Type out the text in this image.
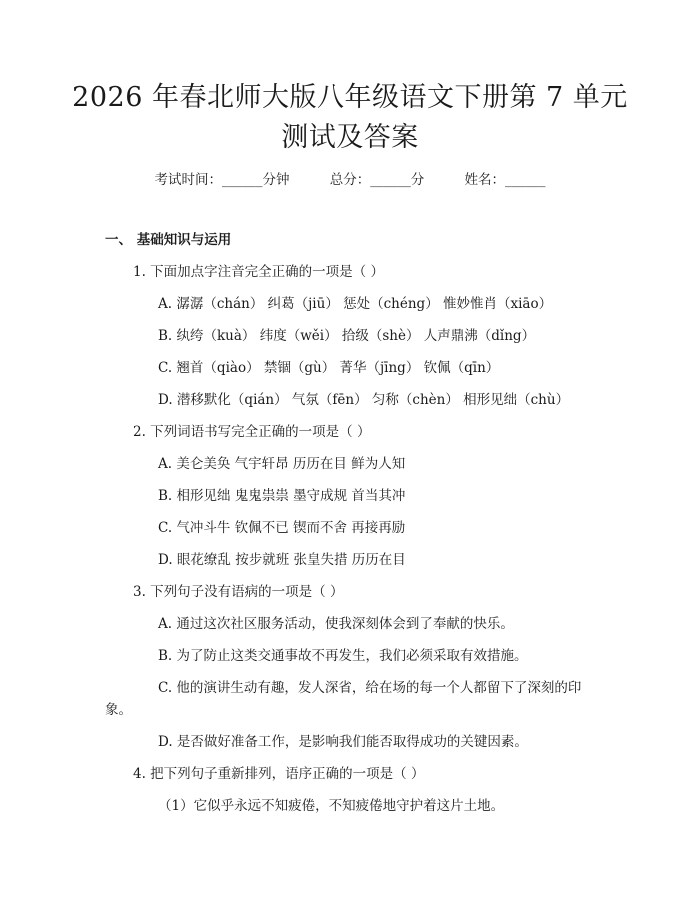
2026 年春北师大版八年级语文下册第 7 单元
测试及答案
考试时间：______分钟	总分：______分	姓名：______
一、 基础知识与运用
1. 下面加点字注音完全正确的一项是（ ）
A. 潺潺（chán） 纠葛（jiū） 惩处（chéng） 惟妙惟肖（xiāo）
B. 纨绔（kuà） 纬度（wěi） 拾级（shè） 人声鼎沸（dǐng）
C. 翘首（qiào） 禁锢（gù） 菁华（jīng） 钦佩（qīn）
D. 潜移默化（qián） 气氛（fēn） 匀称（chèn） 相形见绌（chù）
2. 下列词语书写完全正确的一项是（ ）
A. 美仑美奂 气宇轩昂 历历在目 鲜为人知
B. 相形见绌 鬼鬼祟祟 墨守成规 首当其冲
C. 气冲斗牛 钦佩不已 锲而不舍 再接再励
D. 眼花缭乱 按步就班 张皇失措 历历在目
3. 下列句子没有语病的一项是（ ）
A. 通过这次社区服务活动，使我深刻体会到了奉献的快乐。
B. 为了防止这类交通事故不再发生，我们必须采取有效措施。
C. 他的演讲生动有趣，发人深省，给在场的每一个人都留下了深刻的印
象。
D. 是否做好准备工作，是影响我们能否取得成功的关键因素。
4. 把下列句子重新排列，语序正确的一项是（ ）
（1）它似乎永远不知疲倦，不知疲倦地守护着这片土地。
